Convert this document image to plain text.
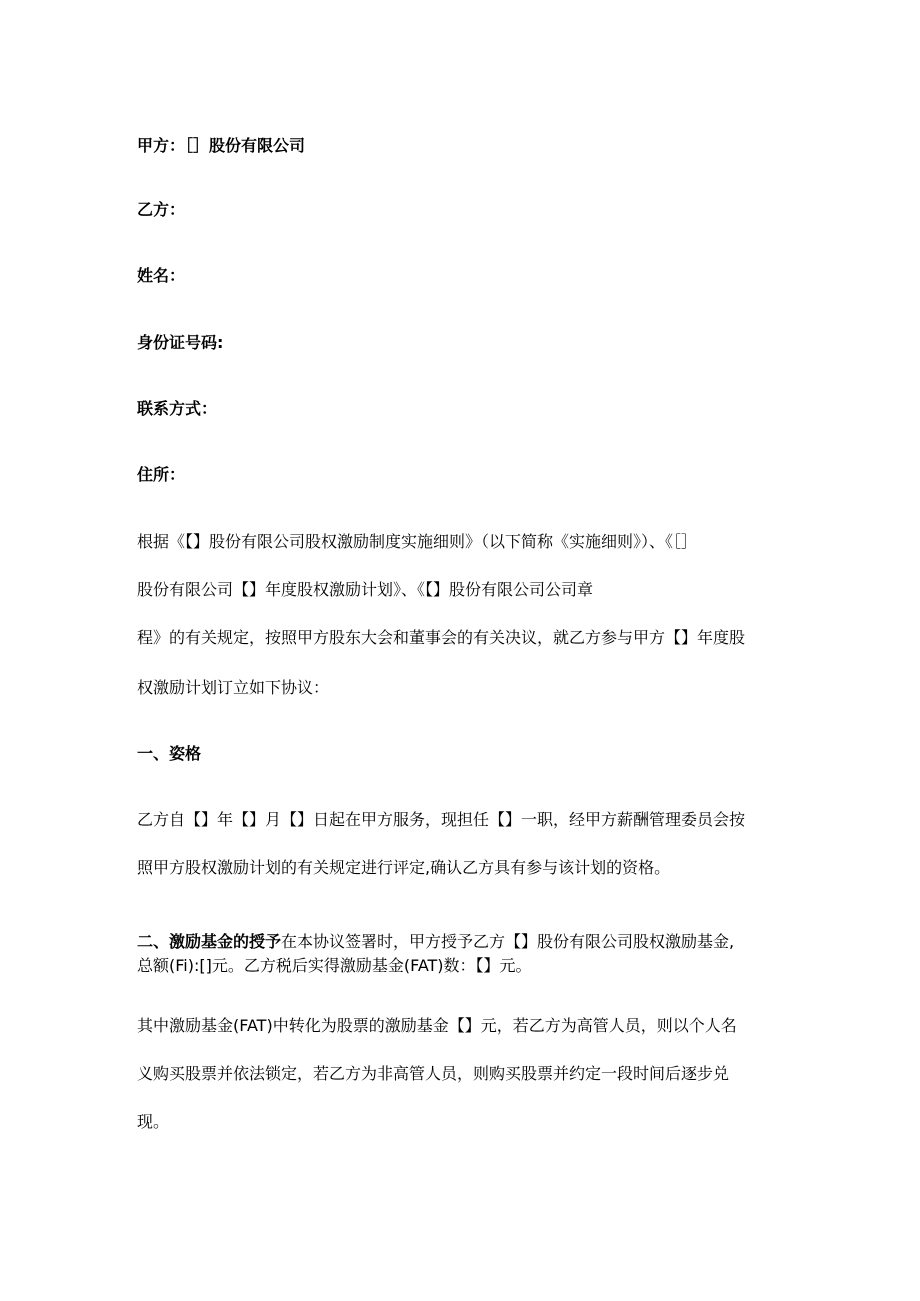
甲方：［］股份有限公司
乙方：
姓名：
身份证号码:
联系方式：
住所：
根据《【】股份有限公司股权激励制度实施细则》（以下简称《实施细则》）、《［］
股份有限公司【】年度股权激励计划》、《【】股份有限公司公司章
程》的有关规定，按照甲方股东大会和董事会的有关决议，就乙方参与甲方【】年度股
权激励计划订立如下协议：
一、姿格
乙方自【】年【】月【】日起在甲方服务，现担任【】一职，经甲方薪酬管理委员会按
照甲方股权激励计划的有关规定进行评定,确认乙方具有参与该计划的资格。
二、激励基金的授予在本协议签署时，甲方授予乙方【】股份有限公司股权激励基金,
总额(Fi):[]元。乙方税后实得激励基金(FAT)数：【】元。
其中激励基金(FAT)中转化为股票的激励基金【】元，若乙方为高管人员，则以个人名
义购买股票并依法锁定，若乙方为非高管人员，则购买股票并约定一段时间后逐步兑
现。
